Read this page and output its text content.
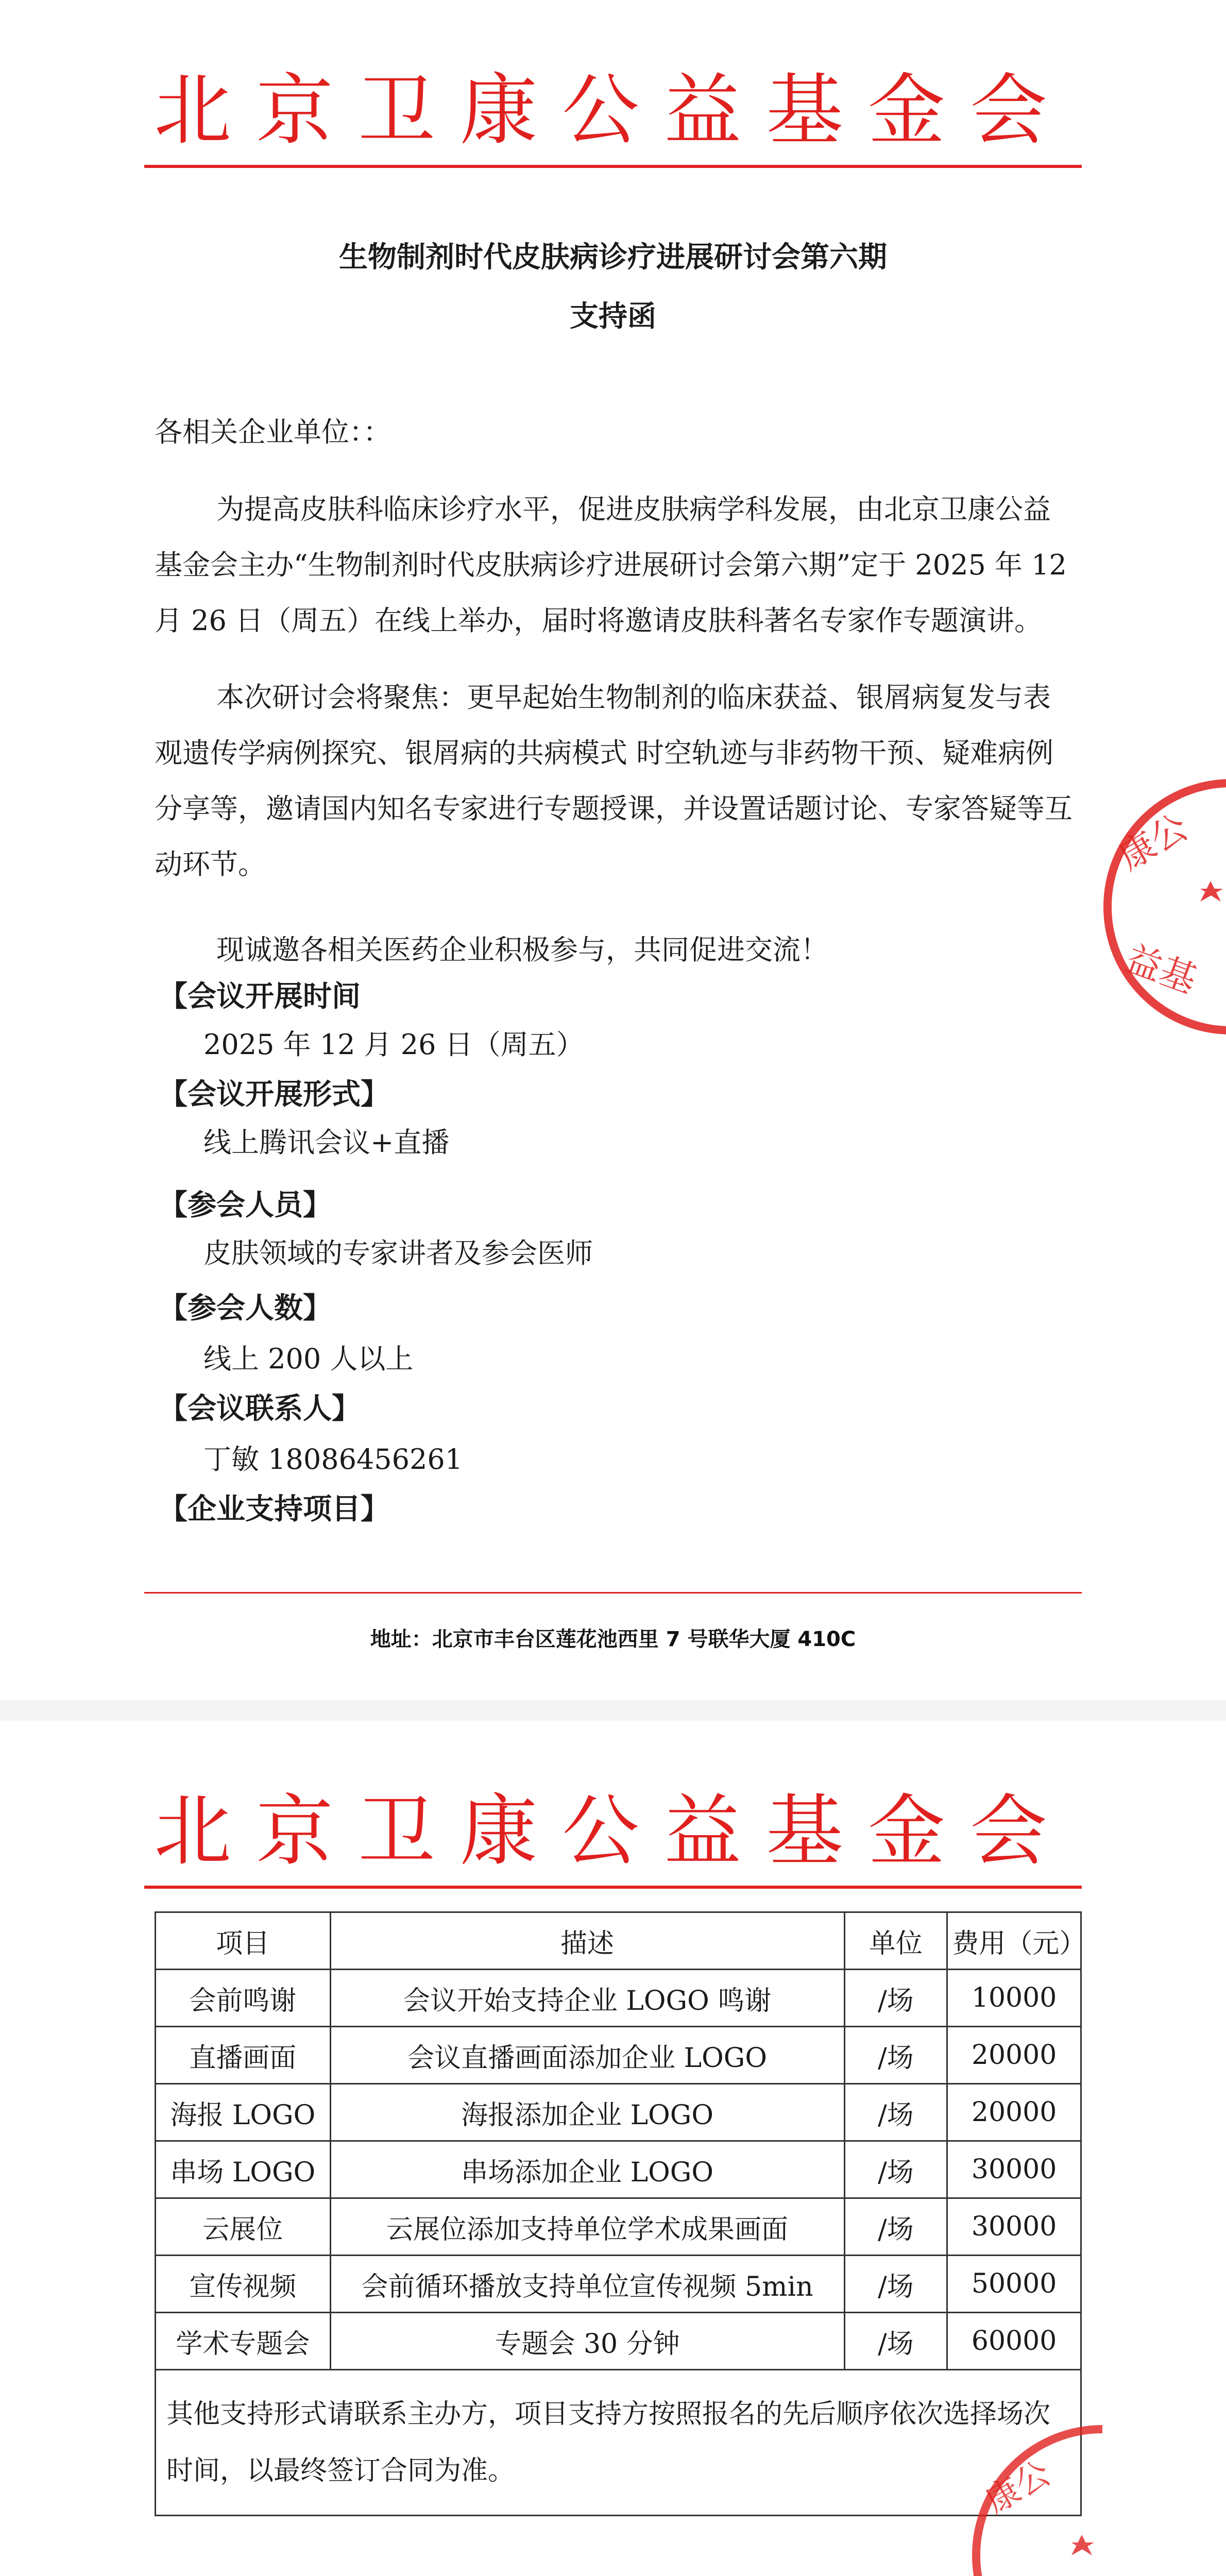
北京卫康公益基金会
生物制剂时代皮肤病诊疗进展研讨会第六期
支持函
各相关企业单位：：
为提高皮肤科临床诊疗水平，促进皮肤病学科发展，由北京卫康公益基金会主办“生物制剂时代皮肤病诊疗进展研讨会第六期”定于 2025 年 12 月 26 日（周五）在线上举办，届时将邀请皮肤科著名专家作专题演讲。
本次研讨会将聚焦：更早起始生物制剂的临床获益、银屑病复发与表观遗传学病例探究、银屑病的共病模式 时空轨迹与非药物干预、疑难病例分享等，邀请国内知名专家进行专题授课，并设置话题讨论、专家答疑等互动环节。
现诚邀各相关医药企业积极参与，共同促进交流！
【会议开展时间
2025 年 12 月 26 日（周五）
【会议开展形式】
线上腾讯会议+直播
【参会人员】
皮肤领域的专家讲者及参会医师
【参会人数】
线上 200 人以上
【会议联系人】
丁敏 18086456261
【企业支持项目】
康公
益基
地址：北京市丰台区莲花池西里 7 号联华大厦 410C
北京卫康公益基金会
项目	描述	单位	费用（元）
会前鸣谢	会议开始支持企业 LOGO 鸣谢	/场	10000
直播画面	会议直播画面添加企业 LOGO	/场	20000
海报 LOGO	海报添加企业 LOGO	/场	20000
串场 LOGO	串场添加企业 LOGO	/场	30000
云展位	云展位添加支持单位学术成果画面	/场	30000
宣传视频	会前循环播放支持单位宣传视频 5min	/场	50000
学术专题会	专题会 30 分钟	/场	60000
其他支持形式请联系主办方，项目支持方按照报名的先后顺序依次选择场次时间，以最终签订合同为准。				康公
